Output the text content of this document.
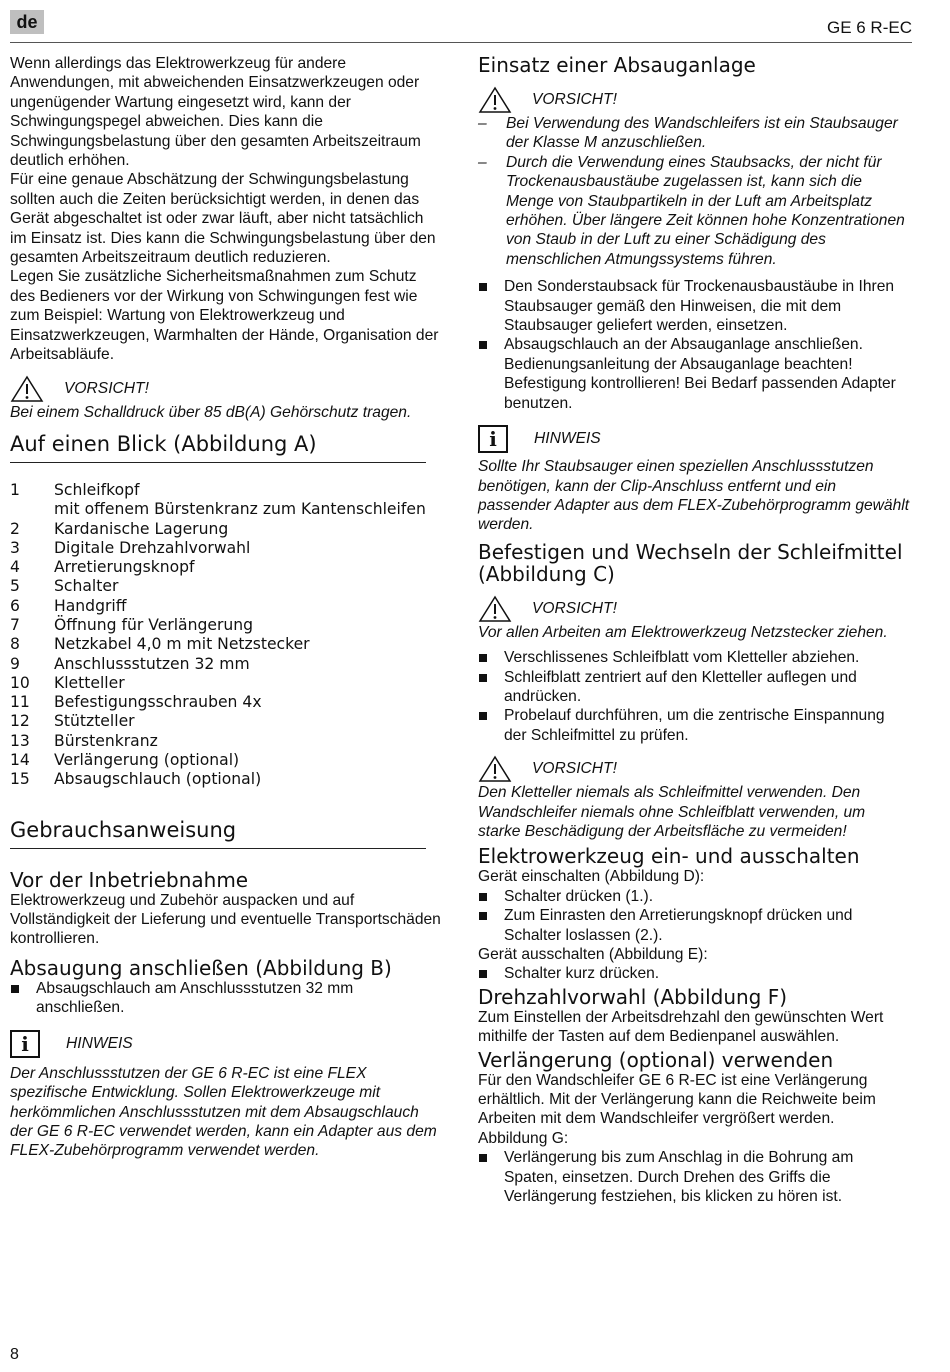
de	GE 6 R-EC

Wenn allerdings das Elektrowerkzeug für andere Anwendungen, mit abweichenden Einsatzwerkzeugen oder ungenügender Wartung eingesetzt wird, kann der Schwingungspegel abweichen. Dies kann die Schwingungsbelastung über den gesamten Arbeitszeitraum deutlich erhöhen.

Für eine genaue Abschätzung der Schwingungsbelastung sollten auch die Zeiten berücksichtigt werden, in denen das Gerät abgeschaltet ist oder zwar läuft, aber nicht tatsächlich im Einsatz ist. Dies kann die Schwingungsbelastung über den gesamten Arbeitszeitraum deutlich reduzieren.

Legen Sie zusätzliche Sicherheitsmaßnahmen zum Schutz des Bedieners vor der Wirkung von Schwingungen fest wie zum Beispiel: Wartung von Elektrowerkzeug und Einsatzwerkzeugen, Warmhalten der Hände, Organisation der Arbeitsabläufe.

VORSICHT!

Bei einem Schalldruck über 85 dB(A) Gehörschutz tragen.

Auf einen Blick (Abbildung A)
1	Schleifkopf
mit offenem Bürstenkranz zum Kantenschleifen
2	Kardanische Lagerung
3	Digitale Drehzahlvorwahl
4	Arretierungsknopf
5	Schalter
6	Handgriff
7	Öffnung für Verlängerung
8	Netzkabel 4,0 m mit Netzstecker
9	Anschlussstutzen 32 mm
10	Kletteller
11	Befestigungsschrauben 4x
12	Stützteller
13	Bürstenkranz
14	Verlängerung (optional)
15	Absaugschlauch (optional)
Gebrauchsanweisung
Vor der Inbetriebnahme

Elektrowerkzeug und Zubehör auspacken und auf Vollständigkeit der Lieferung und eventuelle Transportschäden kontrollieren.

Absaugung anschließen (Abbildung B)
Absaugschlauch am Anschlussstutzen 32 mm anschließen.
i	HINWEIS

Der Anschlussstutzen der GE 6 R-EC ist eine FLEX spezifische Entwicklung. Sollen Elektrowerkzeuge mit herkömmlichen Anschlussstutzen mit dem Absaugschlauch der GE 6 R-EC verwendet werden, kann ein Adapter aus dem FLEX-Zubehörprogramm verwendet werden.

Einsatz einer Absauganlage
VORSICHT!
–	Bei Verwendung des Wandschleifers ist ein Staubsauger der Klasse M anzuschließen.
–	Durch die Verwendung eines Staubsacks, der nicht für Trockenausbaustäube zugelassen ist, kann sich die Menge von Staubpartikeln in der Luft am Arbeitsplatz erhöhen. Über längere Zeit können hohe Konzentrationen von Staub in der Luft zu einer Schädigung des menschlichen Atmungssystems führen.
Den Sonderstaubsack für Trockenausbaustäube in Ihren Staubsauger gemäß den Hinweisen, die mit dem Staubsauger geliefert werden, einsetzen.
Absaugschlauch an der Absauganlage anschließen. Bedienungsanleitung der Absauganlage beachten! Befestigung kontrollieren! Bei Bedarf passenden Adapter benutzen.
i	HINWEIS

Sollte Ihr Staubsauger einen speziellen Anschlussstutzen benötigen, kann der Clip-Anschluss entfernt und ein passender Adapter aus dem FLEX-Zubehörprogramm gewählt werden.

Befestigen und Wechseln der Schleifmittel (Abbildung C)
VORSICHT!

Vor allen Arbeiten am Elektrowerkzeug Netzstecker ziehen.

Verschlissenes Schleifblatt vom Kletteller abziehen.
Schleifblatt zentriert auf den Kletteller auflegen und andrücken.
Probelauf durchführen, um die zentrische Einspannung der Schleifmittel zu prüfen.
VORSICHT!

Den Kletteller niemals als Schleifmittel verwenden. Den Wandschleifer niemals ohne Schleifblatt verwenden, um starke Beschädigung der Arbeitsfläche zu vermeiden!

Elektrowerkzeug ein- und ausschalten

Gerät einschalten (Abbildung D):

Schalter drücken (1.).
Zum Einrasten den Arretierungsknopf drücken und Schalter loslassen (2.).

Gerät ausschalten (Abbildung E):

Schalter kurz drücken.
Drehzahlvorwahl (Abbildung F)

Zum Einstellen der Arbeitsdrehzahl den gewünschten Wert mithilfe der Tasten auf dem Bedienpanel auswählen.

Verlängerung (optional) verwenden

Für den Wandschleifer GE 6 R-EC ist eine Verlängerung erhältlich. Mit der Verlängerung kann die Reichweite beim Arbeiten mit dem Wandschleifer vergrößert werden.

Abbildung G:

Verlängerung bis zum Anschlag in die Bohrung am Spaten, einsetzen. Durch Drehen des Griffs die Verlängerung festziehen, bis klicken zu hören ist.
8
